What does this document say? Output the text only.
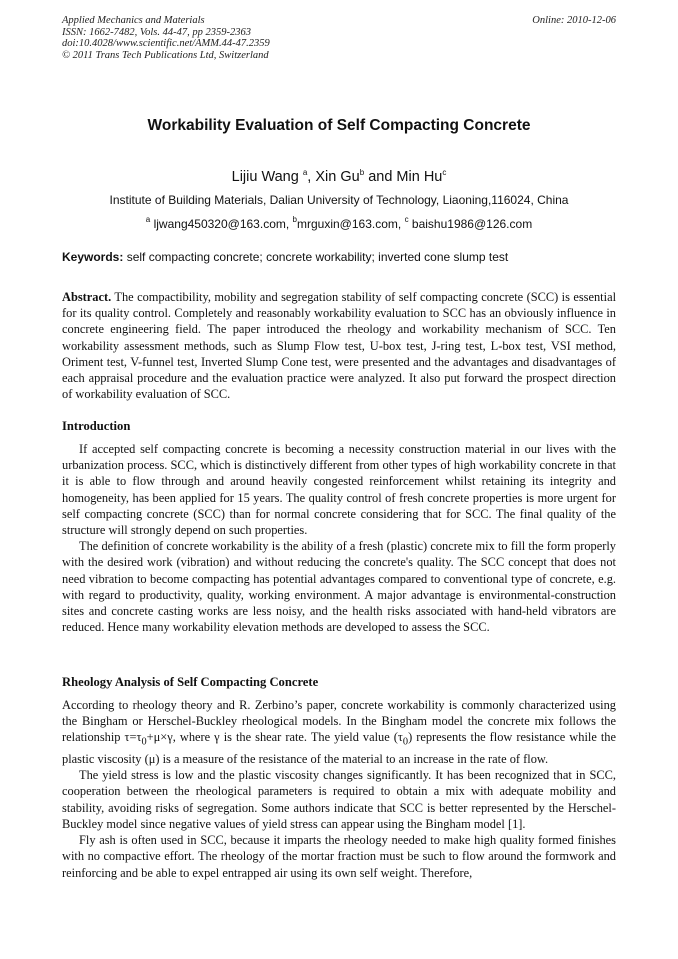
Applied Mechanics and Materials
ISSN: 1662-7482, Vols. 44-47, pp 2359-2363
doi:10.4028/www.scientific.net/AMM.44-47.2359
© 2011 Trans Tech Publications Ltd, Switzerland
Online: 2010-12-06
Workability Evaluation of Self Compacting Concrete
Lijiu Wang $^a$, Xin Gu$^b$ and Min Hu$^c$
Institute of Building Materials, Dalian University of Technology, Liaoning,116024, China
$^a$ ljwang450320@163.com, $^b$mrguxin@163.com, $^c$ baishu1986@126.com
Keywords: self compacting concrete; concrete workability; inverted cone slump test

Abstract. The compactibility, mobility and segregation stability of self compacting concrete (SCC) is essential for its quality control. Completely and reasonably workability evaluation to SCC has an obviously influence in concrete engineering field. The paper introduced the rheology and workability mechanism of SCC. Ten workability assessment methods, such as Slump Flow test, U-box test, J-ring test, L-box test, VSI method, Oriment test, V-funnel test, Inverted Slump Cone test, were presented and the advantages and disadvantages of each appraisal procedure and the evaluation practice were analyzed. It also put forward the prospect direction of workability evaluation of SCC.

Introduction

If accepted self compacting concrete is becoming a necessity construction material in our lives with the urbanization process. SCC, which is distinctively different from other types of high workability concrete in that it is able to flow through and around heavily congested reinforcement whilst retaining its integrity and homogeneity, has been applied for 15 years. The quality control of fresh concrete properties is more urgent for self compacting concrete (SCC) than for normal concrete considering that for SCC. The final quality of the structure will strongly depend on such properties.

The definition of concrete workability is the ability of a fresh (plastic) concrete mix to fill the form properly with the desired work (vibration) and without reducing the concrete's quality. The SCC concept that does not need vibration to become compacting has potential advantages compared to conventional type of concrete, e.g. with regard to productivity, quality, working environment. A major advantage is environmental-construction sites and concrete casting works are less noisy, and the health risks associated with hand-held vibrators are reduced. Hence many workability elevation methods are developed to assess the SCC.

Rheology Analysis of Self Compacting Concrete

According to rheology theory and R. Zerbino’s paper, concrete workability is commonly characterized using the Bingham or Herschel-Buckley rheological models. In the Bingham model the concrete mix follows the relationship $\tau=\tau_0+\mu\times\gamma$, where γ is the shear rate. The yield value $(\tau_0)$ represents the flow resistance while the plastic viscosity (μ) is a measure of the resistance of the material to an increase in the rate of flow.

The yield stress is low and the plastic viscosity changes significantly. It has been recognized that in SCC, cooperation between the rheological parameters is required to obtain a mix with adequate mobility and stability, avoiding risks of segregation. Some authors indicate that SCC is better represented by the Herschel-Buckley model since negative values of yield stress can appear using the Bingham model [1].

Fly ash is often used in SCC, because it imparts the rheology needed to make high quality formed finishes with no compactive effort. The rheology of the mortar fraction must be such to flow around the formwork and reinforcing and be able to expel entrapped air using its own self weight. Therefore,
